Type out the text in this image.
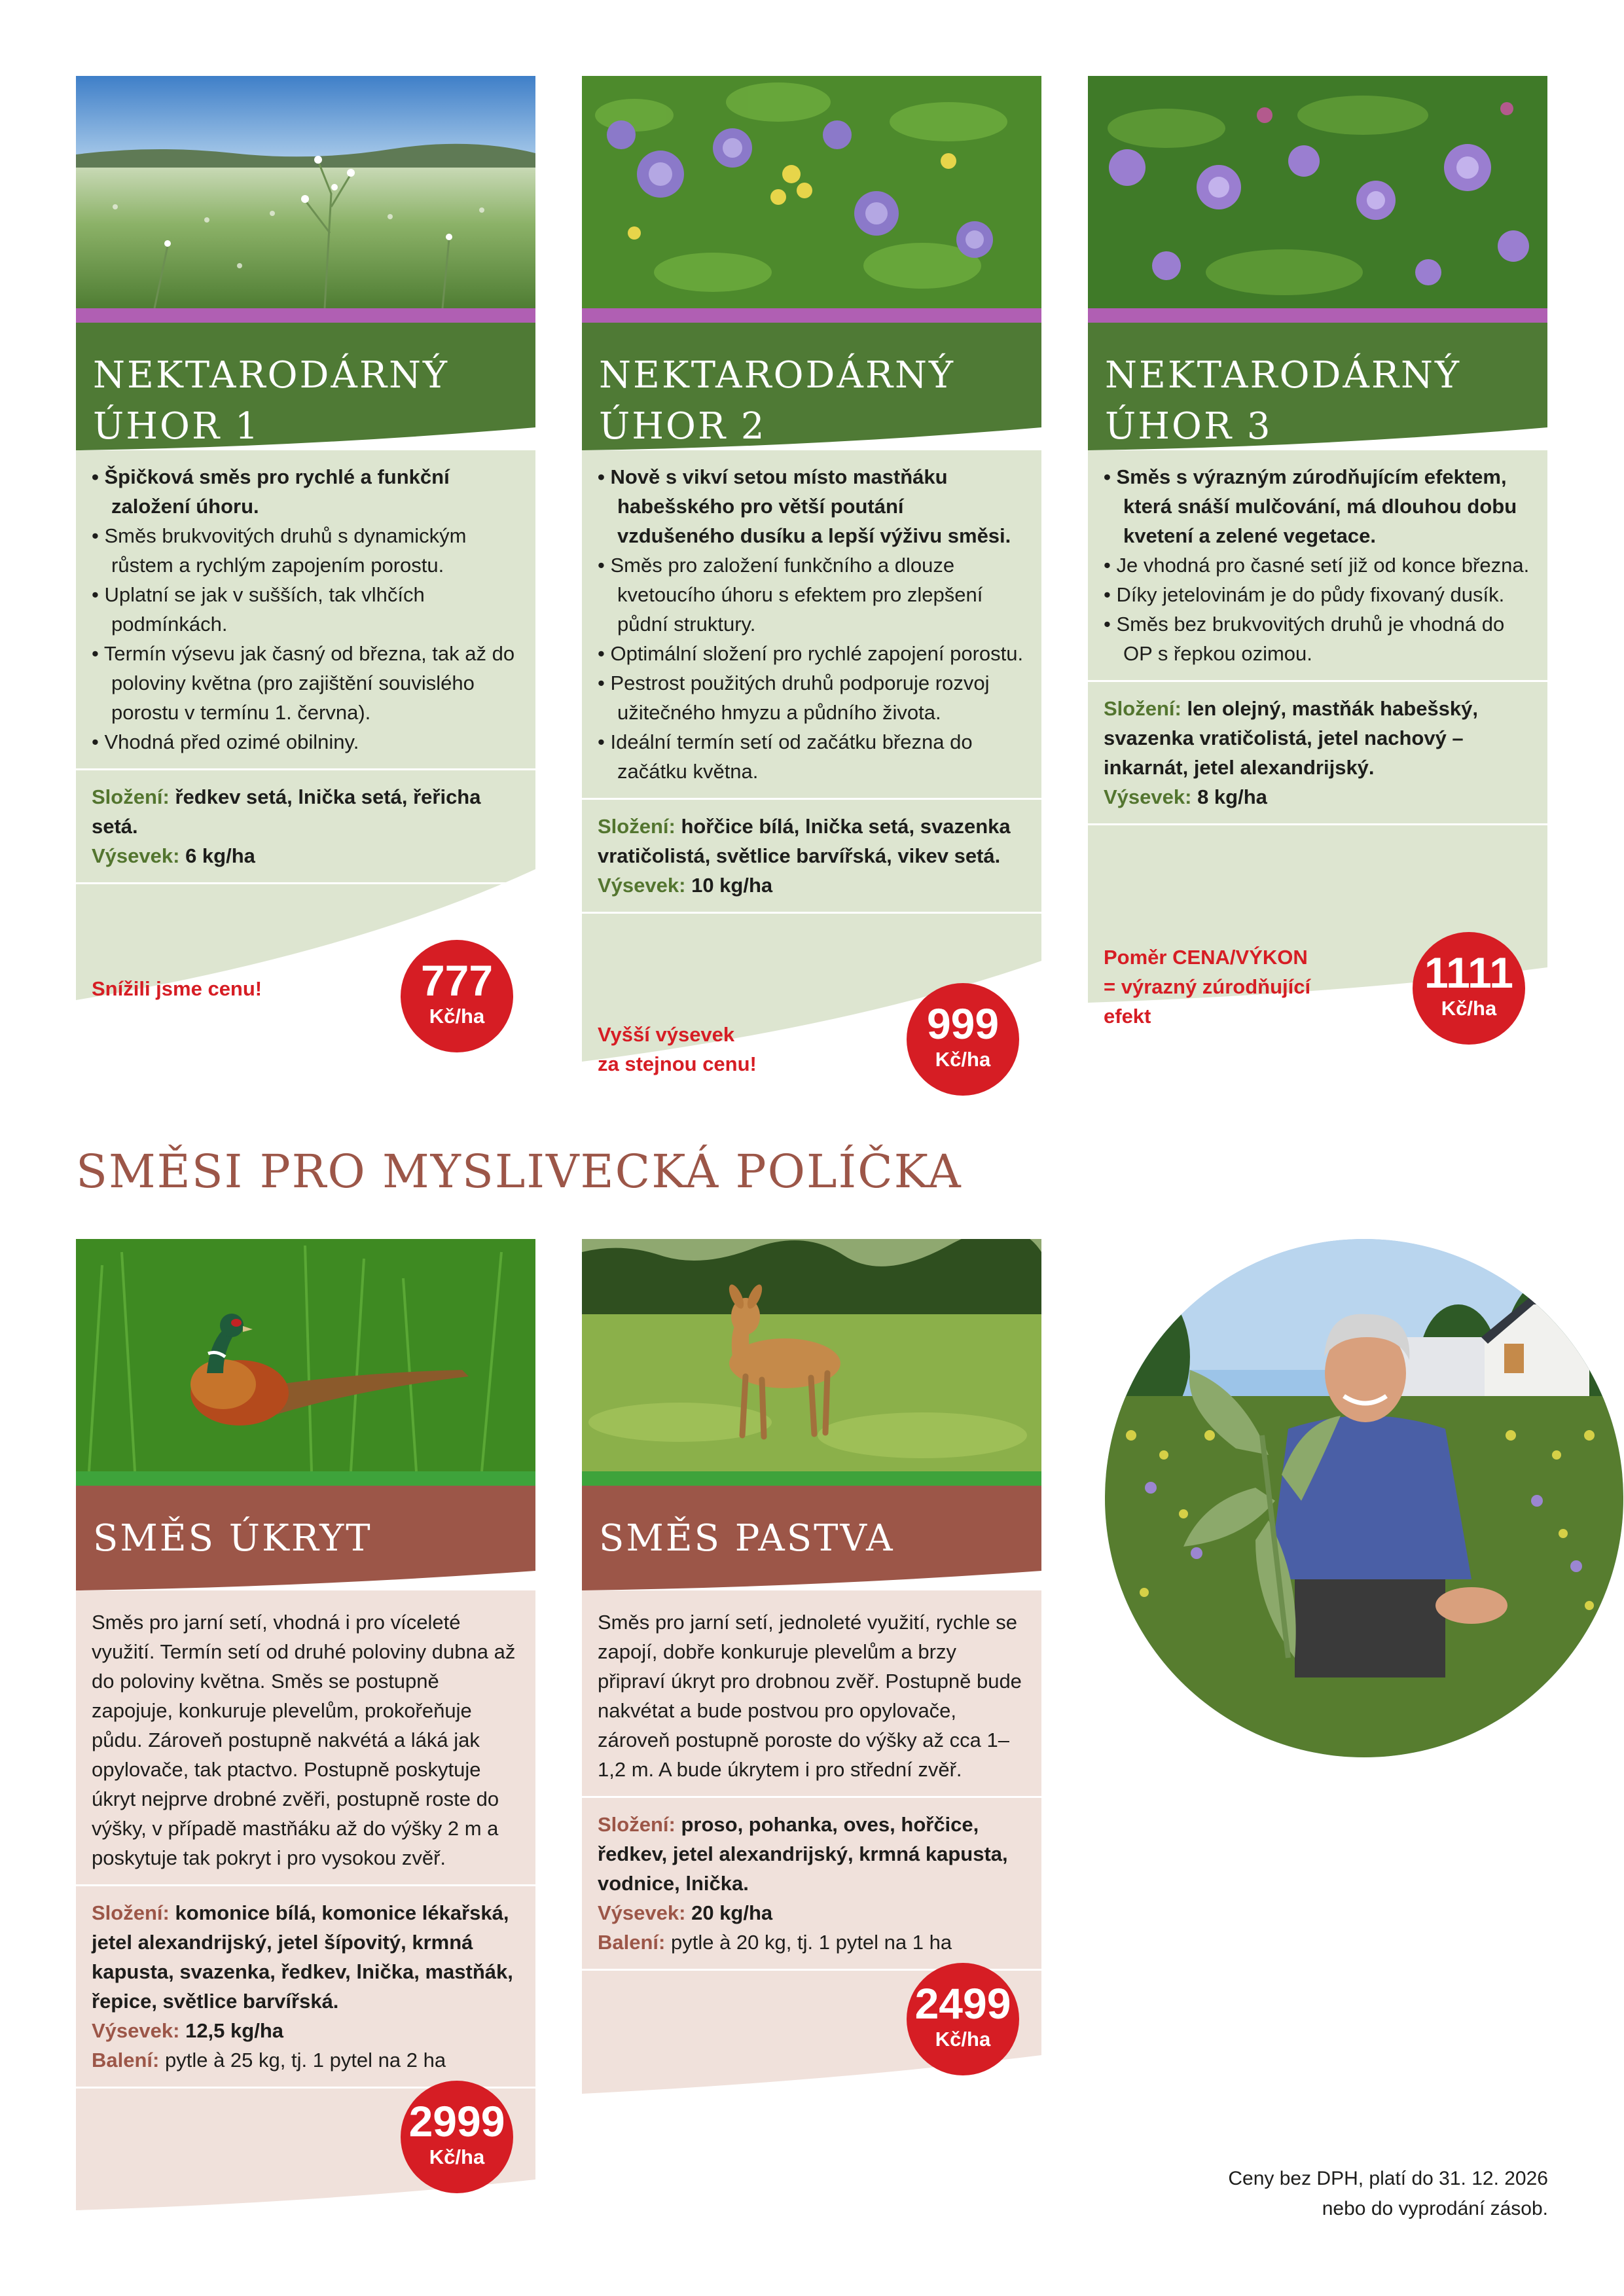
NEKTARODÁRNÝ
ÚHOR 1
• Špičková směs pro rychlé a funkční založení úhoru.
• Směs brukvovitých druhů s dynamickým růstem a rychlým zapojením porostu.
• Uplatní se jak v sušších, tak vlhčích podmínkách.
• Termín výsevu jak časný od března, tak až do poloviny května (pro zajištění souvislého porostu v termínu 1. června).
• Vhodná před ozimé obilniny.
Složení: ředkev setá, lnička setá, řeřicha setá.
Výsevek: 6 kg/ha
Snížili jsme cenu!	777
Kč/ha
NEKTARODÁRNÝ
ÚHOR 2
• Nově s vikví setou místo mastňáku habešského pro větší poutání vzdušeného dusíku a lepší výživu směsi.
• Směs pro založení funkčního a dlouze kvetoucího úhoru s efektem pro zlepšení půdní struktury.
• Optimální složení pro rychlé zapojení porostu.
• Pestrost použitých druhů podporuje rozvoj užitečného hmyzu a půdního života.
• Ideální termín setí od začátku března do začátku května.
Složení: hořčice bílá, lnička setá, svazenka vratičolistá, světlice barvířská, vikev setá.
Výsevek: 10 kg/ha
Vyšší výsevek
za stejnou cenu!
999
Kč/ha
NEKTARODÁRNÝ
ÚHOR 3
• Směs s výrazným zúrodňujícím efektem, která snáší mulčování, má dlouhou dobu kvetení a zelené vegetace.
• Je vhodná pro časné setí již od konce března.
• Díky jetelovinám je do půdy fixovaný dusík.
• Směs bez brukvovitých druhů je vhodná do OP s řepkou ozimou.
Složení: len olejný, mastňák habešský, svazenka vratičolistá, jetel nachový – inkarnát, jetel alexandrijský.
Výsevek: 8 kg/ha
Poměr CENA/VÝKON
= výrazný zúrodňující
efekt
1111
Kč/ha
SMĚSI PRO MYSLIVECKÁ POLÍČKA
SMĚS ÚKRYT
Směs pro jarní setí, vhodná i pro víceleté využití. Termín setí od druhé poloviny dubna až do poloviny května. Směs se postupně zapojuje, konkuruje plevelům, prokořeňuje půdu. Zároveň postupně nakvétá a láká jak opylovače, tak ptactvo. Postupně poskytuje úkryt nejprve drobné zvěři, postupně roste do výšky, v případě mastňáku až do výšky 2 m a poskytuje tak pokryt i pro vysokou zvěř.
Složení: komonice bílá, komonice lékařská, jetel alexandrijský, jetel šípovitý, krmná kapusta, svazenka, ředkev, lnička, mastňák, řepice, světlice barvířská.
Výsevek: 12,5 kg/ha
Balení: pytle à 25 kg, tj. 1 pytel na 2 ha
2999
Kč/ha
SMĚS PASTVA
Směs pro jarní setí, jednoleté využití, rychle se zapojí, dobře konkuruje plevelům a brzy připraví úkryt pro drobnou zvěř. Postupně bude nakvétat a bude postvou pro opylovače, zároveň postupně poroste do výšky až cca 1–1,2 m. A bude úkrytem i pro střední zvěř.
Složení: proso, pohanka, oves, hořčice, ředkev, jetel alexandrijský, krmná kapusta, vodnice, lnička.
Výsevek: 20 kg/ha
Balení: pytle à 20 kg, tj. 1 pytel na 1 ha
2499
Kč/ha
Ceny bez DPH, platí do 31. 12. 2026
nebo do vyprodání zásob.
